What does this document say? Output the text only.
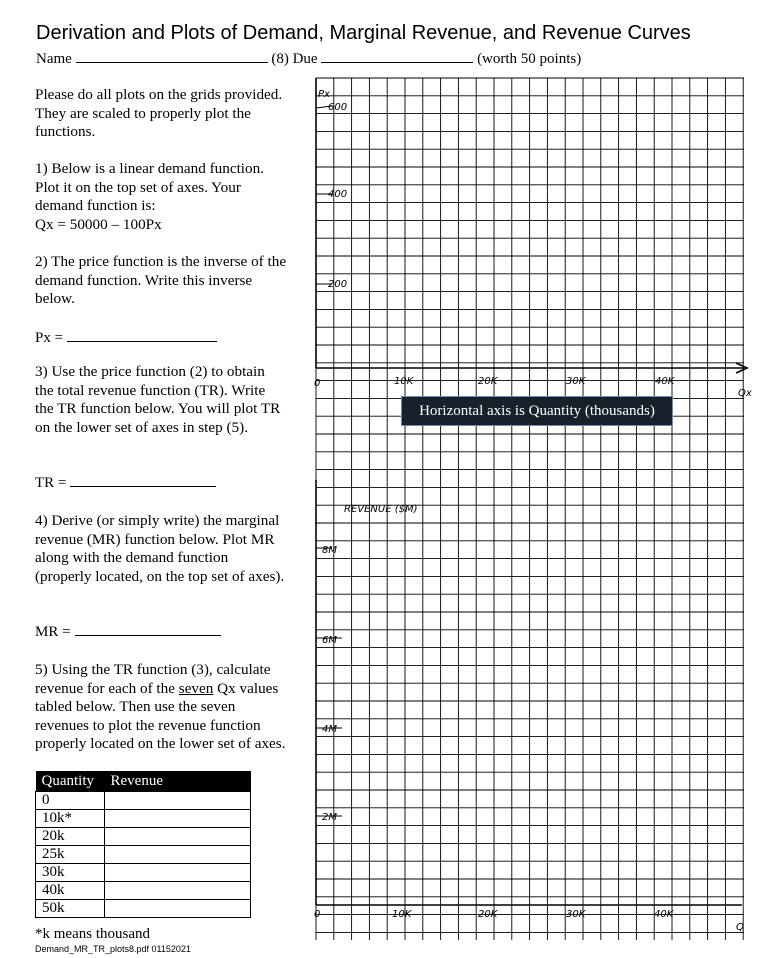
Derivation and Plots of Demand, Marginal Revenue, and Revenue Curves
Name	(8) Due	(worth 50 points)

Please do all plots on the grids provided. They are scaled to properly plot the functions.

1) Below is a linear demand function. Plot it on the top set of axes. Your demand function is:

Qx = 50000 – 100Px

2) The price function is the inverse of the demand function. Write this inverse below.

Px =

3) Use the price function (2) to obtain the total revenue function (TR). Write the TR function below. You will plot TR on the lower set of axes in step (5).

TR =

4) Derive (or simply write) the marginal revenue (MR) function below. Plot MR along with the demand function (properly located, on the top set of axes).

MR =

5) Using the TR function (3), calculate revenue for each of the seven Qx values tabled below. Then use the seven revenues to plot the revenue function properly located on the lower set of axes.

Quantity	Revenue
0	
10k*	
20k	
25k	
30k	
40k	
50k	
*k means thousand
Demand_MR_TR_plots8.pdf 01152021
Px
600
400
200
0	10K	20K	30K	40K
Qx
REVENUE ($M)
8M
6M
4M
2M
0	10K	20K	30K	40K
Q
Horizontal axis is Quantity (thousands)
